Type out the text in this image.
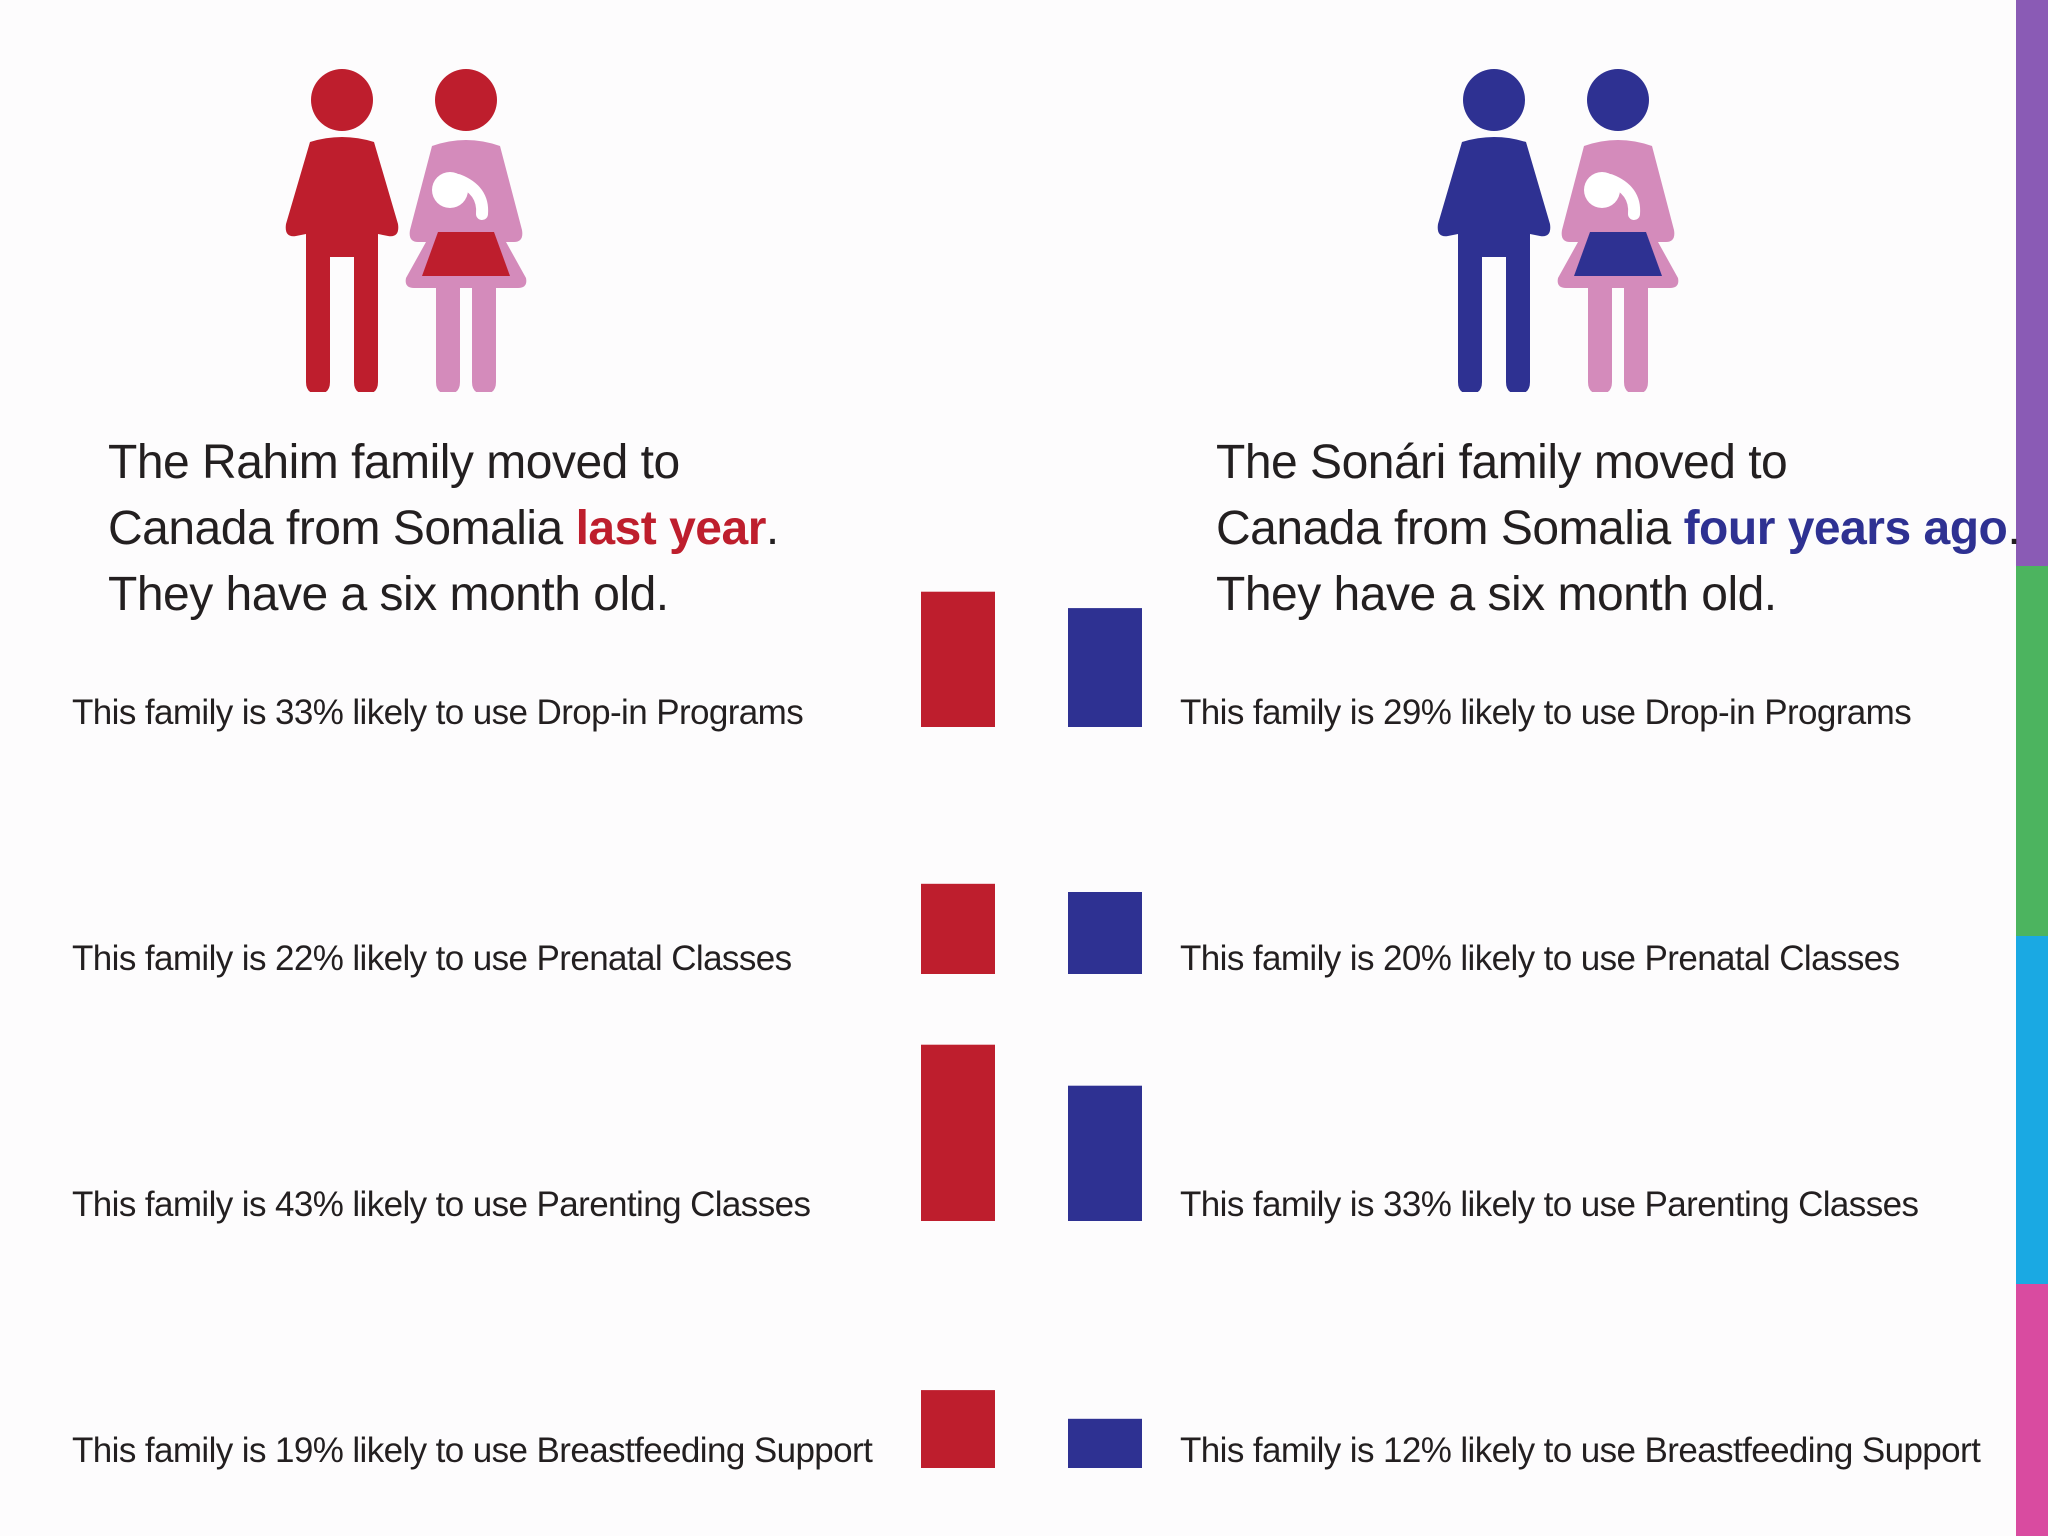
The Rahim family moved to
Canada from Somalia last year.
They have a six month old.
The Sonári family moved to
Canada from Somalia four years ago.
They have a six month old.
This family is 33% likely to use Drop-in Programs
This family is 22% likely to use Prenatal Classes
This family is 43% likely to use Parenting Classes
This family is 19% likely to use Breastfeeding Support
This family is 29% likely to use Drop-in Programs
This family is 20% likely to use Prenatal Classes
This family is 33% likely to use Parenting Classes
This family is 12% likely to use Breastfeeding Support
